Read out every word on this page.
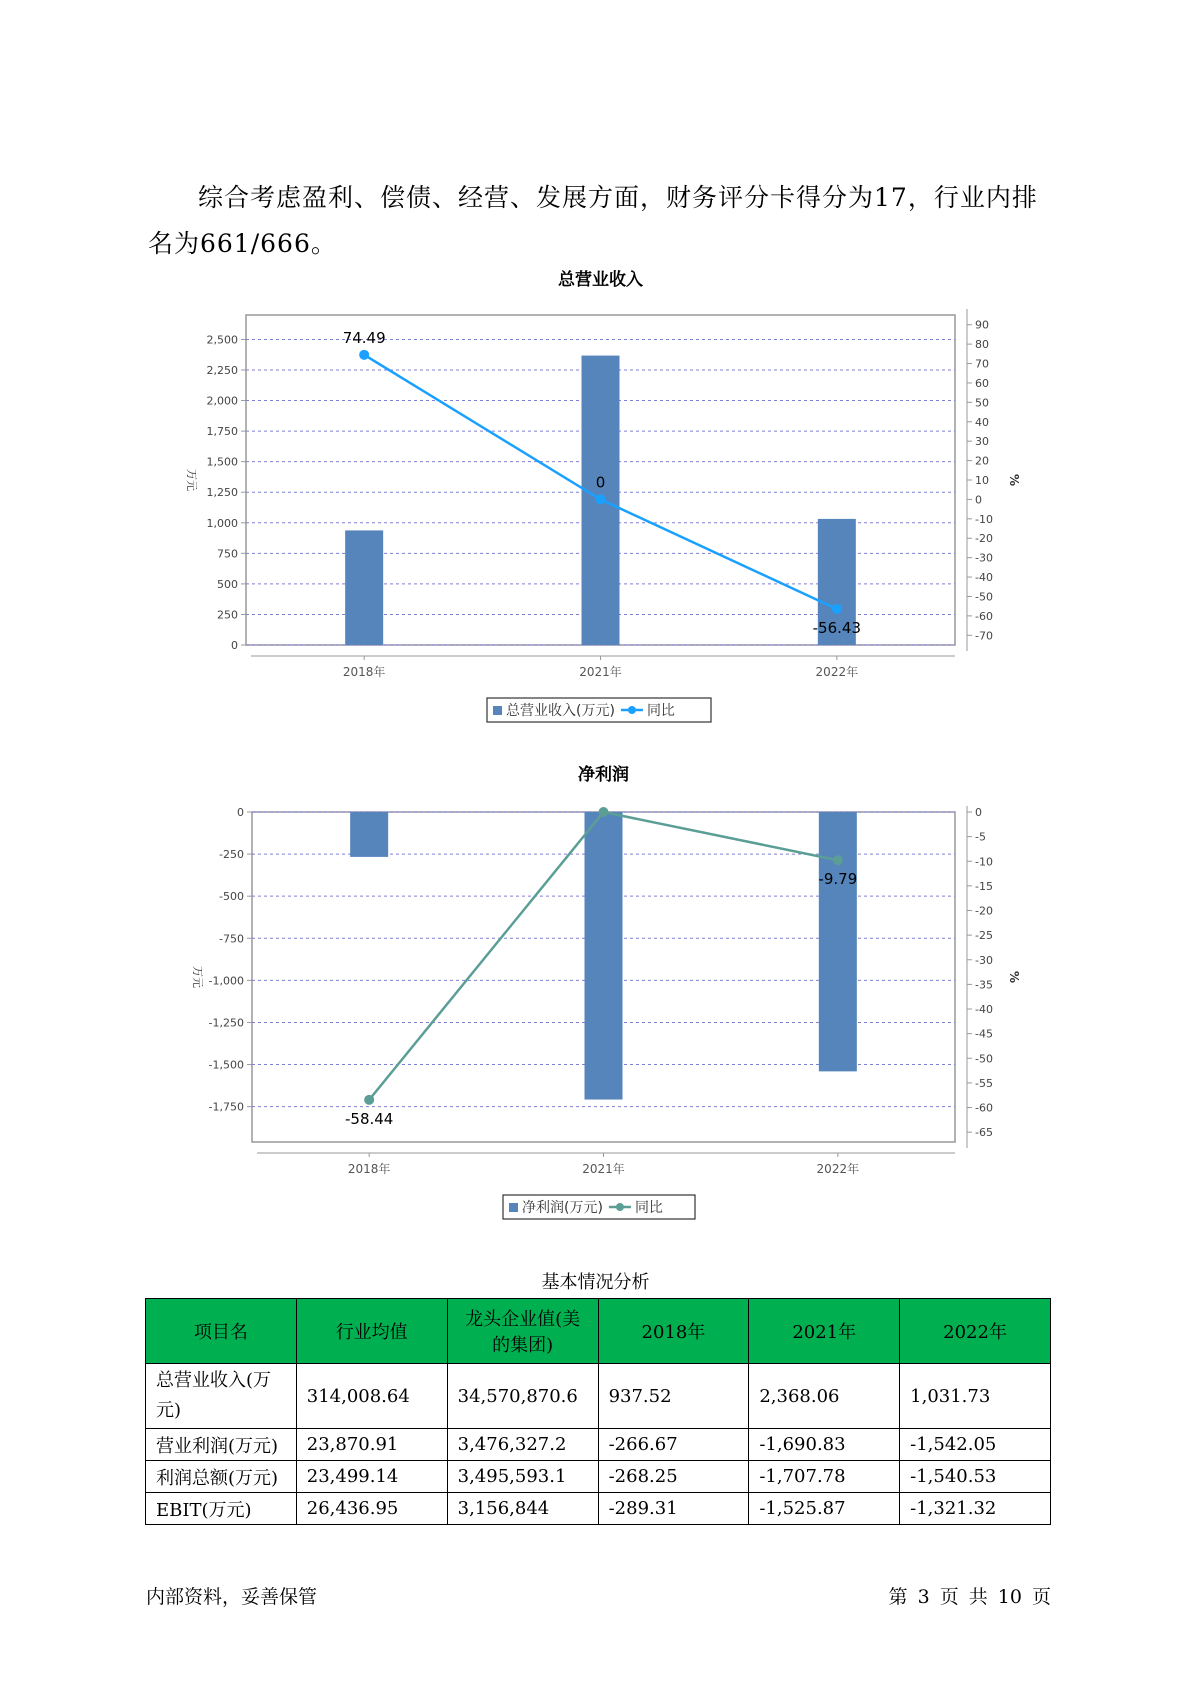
综合考虑盈利、偿债、经营、发展方面，财务评分卡得分为17，行业内排名为661/666。

总营业收入
0
250
500
750
1,000
1,250
1,500
1,750
2,000
2,250
2,500
90
80
70
60
50
40
30
20
10
0
-10
-20
-30
-40
-50
-60
-70
万元	%
2018年	2021年	2022年
74.49
0
-56.43
总营业收入(万元) 同比
净利润
0
-250
-500
-750
-1,000
-1,250
-1,500
-1,750
0
-5
-10
-15
-20
-25
-30
-35
-40
-45
-50
-55
-60
-65
万元	%
2018年	2021年	2022年
-58.44
-9.79
净利润(万元) 同比
基本情况分析
项目名	行业均值	龙头企业值(美的集团)	2018年	2021年	2022年
总营业收入(万元)	314,008.64	34,570,870.6	937.52	2,368.06	1,031.73
营业利润(万元)	23,870.91	3,476,327.2	-266.67	-1,690.83	-1,542.05
利润总额(万元)	23,499.14	3,495,593.1	-268.25	-1,707.78	-1,540.53
EBIT(万元)	26,436.95	3,156,844	-289.31	-1,525.87	-1,321.32
内部资料，妥善保管	第 3 页 共 10 页
